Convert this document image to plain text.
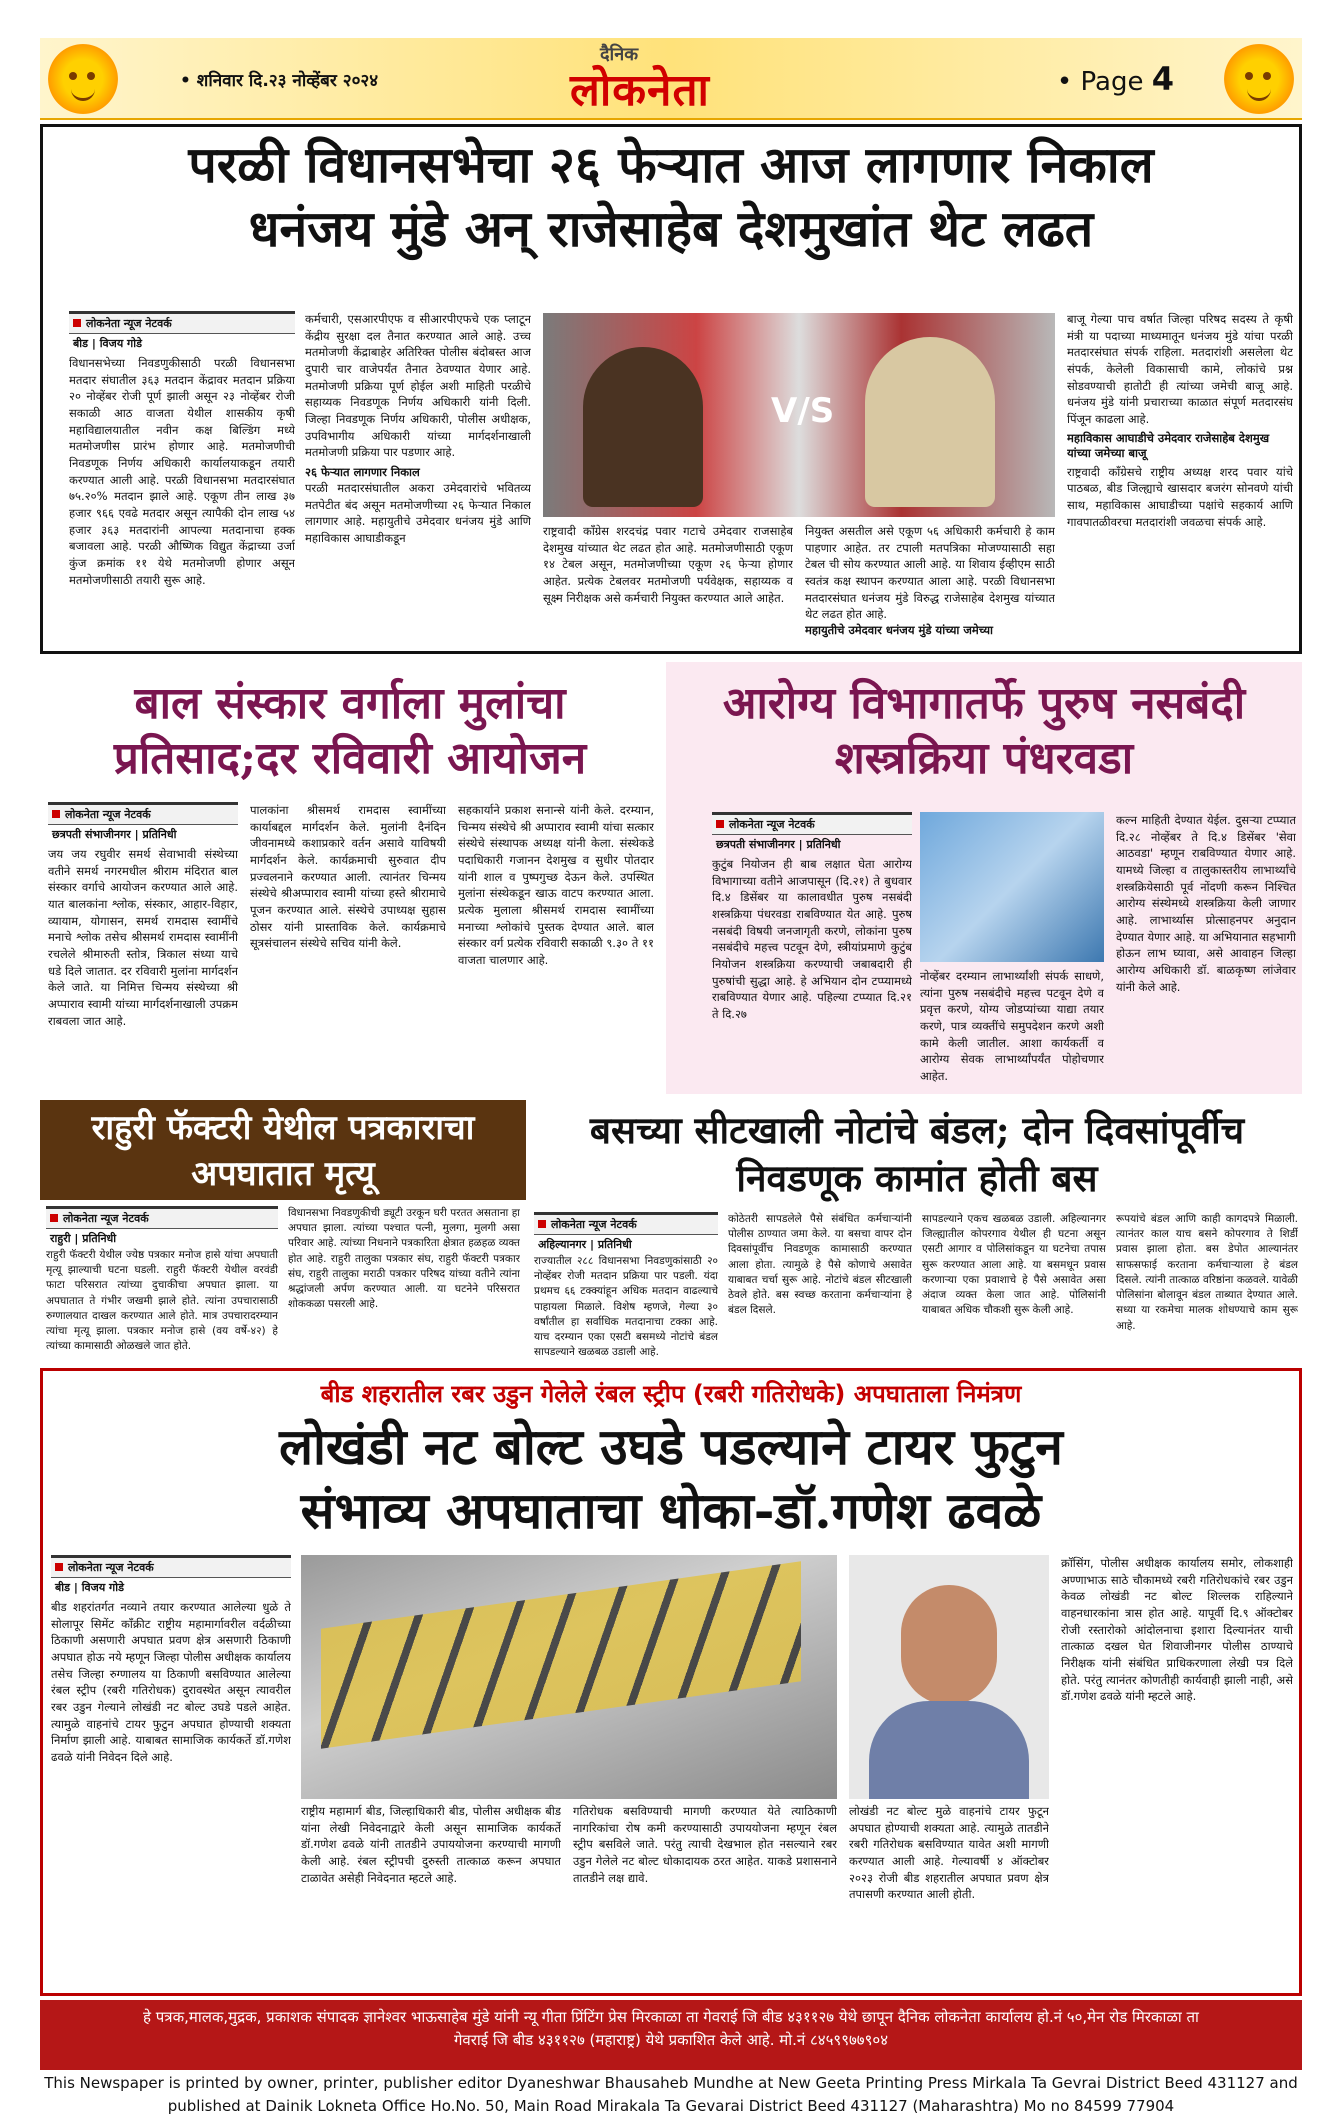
• शनिवार दि.२३ नोव्हेंबर २०२४
दैनिक
लोकनेता	• Page 4
परळी विधानसभेचा २६ फेऱ्यात आज लागणार निकाल
धनंजय मुंडे अन् राजेसाहेब देशमुखांत थेट लढत
लोकनेता न्यूज नेटवर्क
बीड | विजय गोडे
विधानसभेच्या निवडणुकीसाठी परळी विधानसभा मतदार संघातील ३६३ मतदान केंद्रावर मतदान प्रक्रिया २० नोव्हेंबर रोजी पूर्ण झाली असून २३ नोव्हेंबर रोजी सकाळी आठ वाजता येथील शासकीय कृषी महाविद्यालयातील नवीन कक्ष बिल्डिंग मध्ये मतमोजणीस प्रारंभ होणार आहे. मतमोजणीची निवडणूक निर्णय अधिकारी कार्यालयाकडून तयारी करण्यात आली आहे. परळी विधानसभा मतदारसंघात ७५.२०% मतदान झाले आहे. एकूण तीन लाख ३७ हजार ९६६ एवढे मतदार असून त्यापैकी दोन लाख ५४ हजार ३६३ मतदारांनी आपल्या मतदानाचा हक्क बजावला आहे. परळी औष्णिक विद्युत केंद्राच्या उर्जा कुंज क्रमांक ११ येथे मतमोजणी होणार असून मतमोजणीसाठी तयारी सुरू आहे.
कर्मचारी, एसआरपीएफ व सीआरपीएफचे एक प्लाटून केंद्रीय सुरक्षा दल तैनात करण्यात आले आहे. उच्च मतमोजणी केंद्राबाहेर अतिरिक्त पोलीस बंदोबस्त आज दुपारी चार वाजेपर्यंत तैनात ठेवण्यात येणार आहे. मतमोजणी प्रक्रिया पूर्ण होईल अशी माहिती परळीचे सहाय्यक निवडणूक निर्णय अधिकारी यांनी दिली. जिल्हा निवडणूक निर्णय अधिकारी, पोलीस अधीक्षक, उपविभागीय अधिकारी यांच्या मार्गदर्शनाखाली मतमोजणी प्रक्रिया पार पडणार आहे.
२६ फेऱ्यात लागणार निकाल
परळी मतदारसंघातील अकरा उमेदवारांचे भवितव्य मतपेटीत बंद असून मतमोजणीच्या २६ फेऱ्यात निकाल लागणार आहे. महायुतीचे उमेदवार धनंजय मुंडे आणि महाविकास आघाडीकडून
V/S
राष्ट्रवादी काँग्रेस शरदचंद्र पवार गटाचे उमेदवार राजसाहेब देशमुख यांच्यात थेट लढत होत आहे. मतमोजणीसाठी एकूण १४ टेबल असून, मतमोजणीच्या एकूण २६ फेऱ्या होणार आहेत. प्रत्येक टेबलवर मतमोजणी पर्यवेक्षक, सहाय्यक व सूक्ष्म निरीक्षक असे कर्मचारी नियुक्त करण्यात आले आहेत.
नियुक्त असतील असे एकूण ५६ अधिकारी कर्मचारी हे काम पाहणार आहेत. तर टपाली मतपत्रिका मोजण्यासाठी सहा टेबल ची सोय करण्यात आली आहे. या शिवाय ईव्हीएम साठी स्वतंत्र कक्ष स्थापन करण्यात आला आहे. परळी विधानसभा मतदारसंघात धनंजय मुंडे विरुद्ध राजेसाहेब देशमुख यांच्यात थेट लढत होत आहे.
महायुतीचे उमेदवार धनंजय मुंडे यांच्या जमेच्या
बाजू गेल्या पाच वर्षात जिल्हा परिषद सदस्य ते कृषी मंत्री या पदाच्या माध्यमातून धनंजय मुंडे यांचा परळी मतदारसंघात संपर्क राहिला. मतदारांशी असलेला थेट संपर्क, केलेली विकासाची कामे, लोकांचे प्रश्न सोडवण्याची हातोटी ही त्यांच्या जमेची बाजू आहे. धनंजय मुंडे यांनी प्रचाराच्या काळात संपूर्ण मतदारसंघ पिंजून काढला आहे.
महाविकास आघाडीचे उमेदवार राजेसाहेब देशमुख यांच्या जमेच्या बाजू
राष्ट्रवादी काँग्रेसचे राष्ट्रीय अध्यक्ष शरद पवार यांचे पाठबळ, बीड जिल्ह्याचे खासदार बजरंग सोनवणे यांची साथ, महाविकास आघाडीच्या पक्षांचे सहकार्य आणि गावपातळीवरचा मतदारांशी जवळचा संपर्क आहे.
बाल संस्कार वर्गाला मुलांचा प्रतिसाद;दर रविवारी आयोजन
लोकनेता न्यूज नेटवर्क
छत्रपती संभाजीनगर | प्रतिनिधी
जय जय रघुवीर समर्थ सेवाभावी संस्थेच्या वतीने समर्थ नगरमधील श्रीराम मंदिरात बाल संस्कार वर्गाचे आयोजन करण्यात आले आहे. यात बालकांना श्लोक, संस्कार, आहार-विहार, व्यायाम, योगासन, समर्थ रामदास स्वामींचे मनाचे श्लोक तसेच श्रीसमर्थ रामदास स्वामींनी रचलेले श्रीमारुती स्तोत्र, त्रिकाल संध्या याचे धडे दिले जातात. दर रविवारी मुलांना मार्गदर्शन केले जाते. या निमित्त चिन्मय संस्थेच्या श्री अप्पाराव स्वामी यांच्या मार्गदर्शनाखाली उपक्रम राबवला जात आहे.
पालकांना श्रीसमर्थ रामदास स्वामींच्या कार्याबद्दल मार्गदर्शन केले. मुलांनी दैनंदिन जीवनामध्ये कशाप्रकारे वर्तन असावे याविषयी मार्गदर्शन केले. कार्यक्रमाची सुरुवात दीप प्रज्वलनाने करण्यात आली. त्यानंतर चिन्मय संस्थेचे श्रीअप्पाराव स्वामी यांच्या हस्ते श्रीरामाचे पूजन करण्यात आले. संस्थेचे उपाध्यक्ष सुहास ठोसर यांनी प्रास्ताविक केले. कार्यक्रमाचे सूत्रसंचालन संस्थेचे सचिव यांनी केले.
सहकार्याने प्रकाश सनान्से यांनी केले. दरम्यान, चिन्मय संस्थेचे श्री अप्पाराव स्वामी यांचा सत्कार संस्थेचे संस्थापक अध्यक्ष यांनी केला. संस्थेकडे पदाधिकारी गजानन देशमुख व सुधीर पोतदार यांनी शाल व पुष्पगुच्छ देऊन केले. उपस्थित मुलांना संस्थेकडून खाऊ वाटप करण्यात आला. प्रत्येक मुलाला श्रीसमर्थ रामदास स्वामींच्या मनाच्या श्लोकांचे पुस्तक देण्यात आले. बाल संस्कार वर्ग प्रत्येक रविवारी सकाळी ९.३० ते ११ वाजता चालणार आहे.
आरोग्य विभागातर्फे पुरुष नसबंदी शस्त्रक्रिया पंधरवडा
लोकनेता न्यूज नेटवर्क
छत्रपती संभाजीनगर | प्रतिनिधी
कुटुंब नियोजन ही बाब लक्षात घेता आरोग्य विभागाच्या वतीने आजपासून (दि.२१) ते बुधवार दि.४ डिसेंबर या कालावधीत पुरुष नसबंदी शस्त्रक्रिया पंधरवडा राबविण्यात येत आहे. पुरुष नसबंदी विषयी जनजागृती करणे, लोकांना पुरुष नसबंदीचे महत्त्व पटवून देणे, स्त्रीयांप्रमाणे कुटुंब नियोजन शस्त्रक्रिया करण्याची जबाबदारी ही पुरुषांची सुद्धा आहे. हे अभियान दोन टप्प्यामध्ये राबविण्यात येणार आहे. पहिल्या टप्प्यात दि.२१ ते दि.२७
नोव्हेंबर दरम्यान लाभार्थ्यांशी संपर्क साधणे, त्यांना पुरुष नसबंदीचे महत्त्व पटवून देणे व प्रवृत्त करणे, योग्य जोडप्यांच्या याद्या तयार करणे, पात्र व्यक्तींचे समुपदेशन करणे अशी कामे केली जातील. आशा कार्यकर्ती व आरोग्य सेवक लाभार्थ्यांपर्यंत पोहोचणार आहेत.
कल्न माहिती देण्यात येईल. दुसऱ्या टप्प्यात दि.२८ नोव्हेंबर ते दि.४ डिसेंबर 'सेवा आठवडा' म्हणून राबविण्यात येणार आहे. यामध्ये जिल्हा व तालुकास्तरीय लाभार्थ्यांचे शस्त्रक्रियेसाठी पूर्व नोंदणी करून निश्चित आरोग्य संस्थेमध्ये शस्त्रक्रिया केली जाणार आहे. लाभार्थ्यास प्रोत्साहनपर अनुदान देण्यात येणार आहे. या अभियानात सहभागी होऊन लाभ घ्यावा, असे आवाहन जिल्हा आरोग्य अधिकारी डॉ. बाळकृष्ण लांजेवार यांनी केले आहे.
राहुरी फॅक्टरी येथील पत्रकाराचा अपघातात मृत्यू
लोकनेता न्यूज नेटवर्क
राहुरी | प्रतिनिधी
राहुरी फॅक्टरी येथील ज्येष्ठ पत्रकार मनोज हासे यांचा अपघाती मृत्यू झाल्याची घटना घडली. राहुरी फॅक्टरी येथील वरवंडी फाटा परिसरात त्यांच्या दुचाकीचा अपघात झाला. या अपघातात ते गंभीर जखमी झाले होते. त्यांना उपचारासाठी रुग्णालयात दाखल करण्यात आले होते. मात्र उपचारादरम्यान त्यांचा मृत्यू झाला. पत्रकार मनोज हासे (वय वर्षे-४२) हे त्यांच्या कामासाठी ओळखले जात होते.
विधानसभा निवडणुकीची ड्यूटी उरकून घरी परतत असताना हा अपघात झाला. त्यांच्या पश्चात पत्नी, मुलगा, मुलगी असा परिवार आहे. त्यांच्या निधनाने पत्रकारिता क्षेत्रात हळहळ व्यक्त होत आहे. राहुरी तालुका पत्रकार संघ, राहुरी फॅक्टरी पत्रकार संघ, राहुरी तालुका मराठी पत्रकार परिषद यांच्या वतीने त्यांना श्रद्धांजली अर्पण करण्यात आली. या घटनेने परिसरात शोककळा पसरली आहे.
बसच्या सीटखाली नोटांचे बंडल; दोन दिवसांपूर्वीच निवडणूक कामांत होती बस
लोकनेता न्यूज नेटवर्क
अहिल्यानगर | प्रतिनिधी
राज्यातील २८८ विधानसभा निवडणुकांसाठी २० नोव्हेंबर रोजी मतदान प्रक्रिया पार पडली. यंदा प्रथमच ६६ टक्क्यांहून अधिक मतदान वाढल्याचे पाहायला मिळाले. विशेष म्हणजे, गेल्या ३० वर्षांतील हा सर्वाधिक मतदानाचा टक्का आहे. याच दरम्यान एका एसटी बसमध्ये नोटांचे बंडल सापडल्याने खळबळ उडाली आहे.
कोठेतरी सापडलेले पैसे संबंधित कर्मचाऱ्यांनी पोलीस ठाण्यात जमा केले. या बसचा वापर दोन दिवसांपूर्वीच निवडणूक कामासाठी करण्यात आला होता. त्यामुळे हे पैसे कोणाचे असावेत याबाबत चर्चा सुरू आहे. नोटांचे बंडल सीटखाली ठेवले होते. बस स्वच्छ करताना कर्मचाऱ्यांना हे बंडल दिसले.
सापडल्याने एकच खळबळ उडाली. अहिल्यानगर जिल्ह्यातील कोपरगाव येथील ही घटना असून एसटी आगार व पोलिसांकडून या घटनेचा तपास सुरू करण्यात आला आहे. या बसमधून प्रवास करणाऱ्या एका प्रवाशाचे हे पैसे असावेत असा अंदाज व्यक्त केला जात आहे. पोलिसांनी याबाबत अधिक चौकशी सुरू केली आहे.
रूपयांचे बंडल आणि काही कागदपत्रे मिळाली. त्यानंतर काल याच बसने कोपरगाव ते शिर्डी प्रवास झाला होता. बस डेपोत आल्यानंतर साफसफाई करताना कर्मचाऱ्याला हे बंडल दिसले. त्यांनी तात्काळ वरिष्ठांना कळवले. यावेळी पोलिसांना बोलावून बंडल ताब्यात देण्यात आले. सध्या या रकमेचा मालक शोधण्याचे काम सुरू आहे.
बीड शहरातील रबर उडुन गेलेले रंबल स्ट्रीप (रबरी गतिरोधके) अपघाताला निमंत्रण
लोखंडी नट बोल्ट उघडे पडल्याने टायर फुटुन
संभाव्य अपघाताचा धोका-डॉ.गणेश ढवळे
लोकनेता न्यूज नेटवर्क
बीड | विजय गोडे
बीड शहरांतर्गत नव्याने तयार करण्यात आलेल्या धुळे ते सोलापूर सिमेंट काँक्रीट राष्ट्रीय महामार्गावरील वर्दळीच्या ठिकाणी असणारी अपघात प्रवण क्षेत्र असणारी ठिकाणी अपघात होऊ नये म्हणून जिल्हा पोलीस अधीक्षक कार्यालय तसेच जिल्हा रुग्णालय या ठिकाणी बसविण्यात आलेल्या रंबल स्ट्रीप (रबरी गतिरोधक) दुरावस्थेत असून त्यावरील रबर उडुन गेल्याने लोखंडी नट बोल्ट उघडे पडले आहेत. त्यामुळे वाहनांचे टायर फुटुन अपघात होण्याची शक्यता निर्माण झाली आहे. याबाबत सामाजिक कार्यकर्ते डॉ.गणेश ढवळे यांनी निवेदन दिले आहे.
राष्ट्रीय महामार्ग बीड, जिल्हाधिकारी बीड, पोलीस अधीक्षक बीड यांना लेखी निवेदनाद्वारे केली असून सामाजिक कार्यकर्ते डॉ.गणेश ढवळे यांनी तातडीने उपाययोजना करण्याची मागणी केली आहे. रंबल स्ट्रीपची दुरुस्ती तात्काळ करून अपघात टाळावेत असेही निवेदनात म्हटले आहे.
गतिरोधक बसविण्याची मागणी करण्यात येते त्याठिकाणी नागरिकांचा रोष कमी करण्यासाठी उपाययोजना म्हणून रंबल स्ट्रीप बसविले जाते. परंतु त्याची देखभाल होत नसल्याने रबर उडुन गेलेले नट बोल्ट धोकादायक ठरत आहेत. याकडे प्रशासनाने तातडीने लक्ष द्यावे.
लोखंडी नट बोल्ट मुळे वाहनांचे टायर फुटून अपघात होण्याची शक्यता आहे. त्यामुळे तातडीने रबरी गतिरोधक बसविण्यात यावेत अशी मागणी करण्यात आली आहे. गेल्यावर्षी ४ ऑक्टोबर २०२३ रोजी बीड शहरातील अपघात प्रवण क्षेत्र तपासणी करण्यात आली होती.
क्रॉसिंग, पोलीस अधीक्षक कार्यालय समोर, लोकशाही अण्णाभाऊ साठे चौकामध्ये रबरी गतिरोधकांचे रबर उडुन केवळ लोखंडी नट बोल्ट शिल्लक राहिल्याने वाहनधारकांना त्रास होत आहे. यापूर्वी दि.९ ऑक्टोबर रोजी रस्तारोको आंदोलनाचा इशारा दिल्यानंतर याची तात्काळ दखल घेत शिवाजीनगर पोलीस ठाण्याचे निरीक्षक यांनी संबंधित प्राधिकरणाला लेखी पत्र दिले होते. परंतु त्यानंतर कोणतीही कार्यवाही झाली नाही, असे डॉ.गणेश ढवळे यांनी म्हटले आहे.
हे पत्रक,मालक,मुद्रक, प्रकाशक संपादक ज्ञानेश्वर भाऊसाहेब मुंडे यांनी न्यू गीता प्रिंटिंग प्रेस मिरकाळा ता गेवराई जि बीड ४३११२७ येथे छापून दैनिक लोकनेता कार्यालय हो.नं ५०,मेन रोड मिरकाळा ता
गेवराई जि बीड ४३११२७ (महाराष्ट्र) येथे प्रकाशित केले आहे. मो.नं ८४५९९७७९०४
This Newspaper is printed by owner, printer, publisher editor Dyaneshwar Bhausaheb Mundhe at New Geeta Printing Press Mirkala Ta Gevrai District Beed 431127 and
published at Dainik Lokneta Office Ho.No. 50, Main Road Mirakala Ta Gevarai District Beed 431127 (Maharashtra) Mo no 84599 77904
